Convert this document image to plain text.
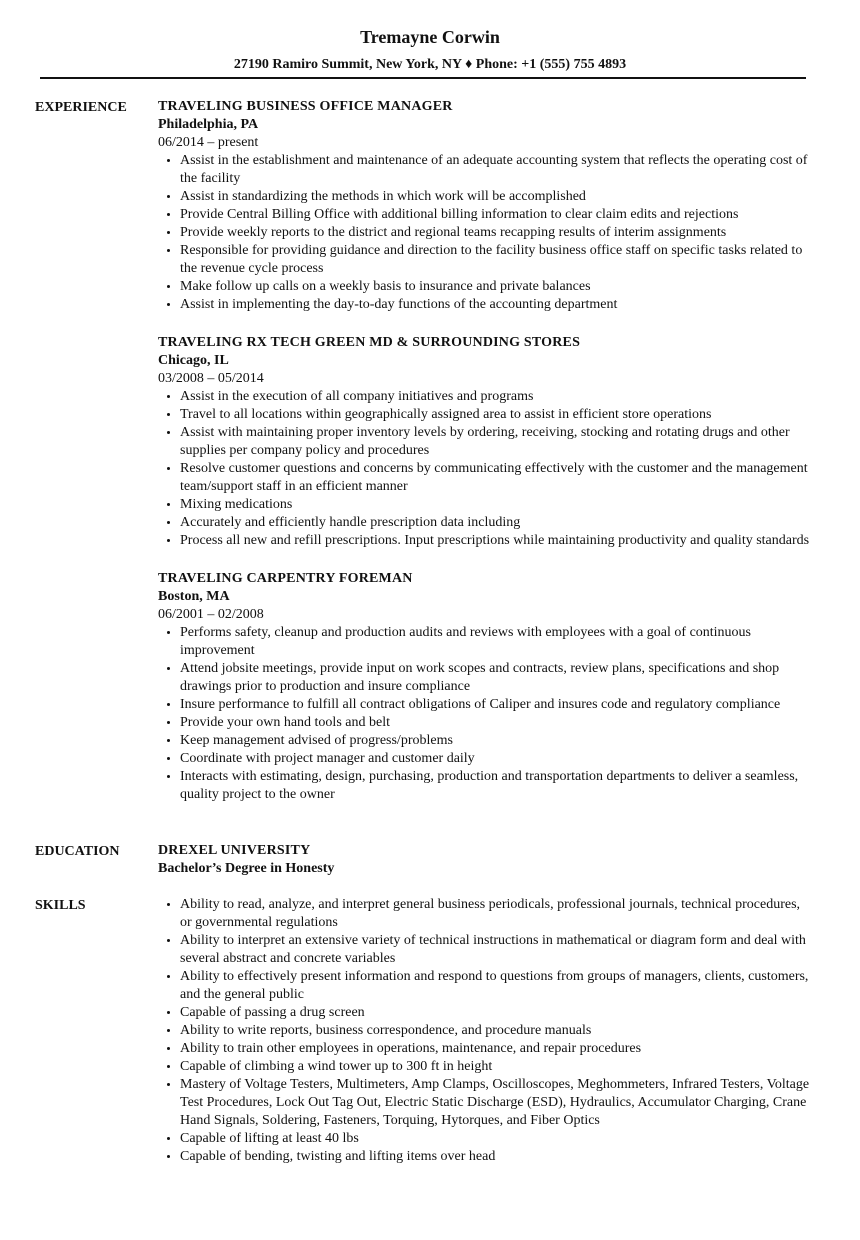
Tremayne Corwin
27190 Ramiro Summit, New York, NY ♦ Phone: +1 (555) 755 4893
EXPERIENCE	TRAVELING BUSINESS OFFICE MANAGER
Philadelphia, PA
06/2014 – present
• Assist in the establishment and maintenance of an adequate accounting system that reflects the operating cost of the facility
• Assist in standardizing the methods in which work will be accomplished
• Provide Central Billing Office with additional billing information to clear claim edits and rejections
• Provide weekly reports to the district and regional teams recapping results of interim assignments
• Responsible for providing guidance and direction to the facility business office staff on specific tasks related to the revenue cycle process
• Make follow up calls on a weekly basis to insurance and private balances
• Assist in implementing the day-to-day functions of the accounting department
TRAVELING RX TECH GREEN MD & SURROUNDING STORES
Chicago, IL
03/2008 – 05/2014
• Assist in the execution of all company initiatives and programs
• Travel to all locations within geographically assigned area to assist in efficient store operations
• Assist with maintaining proper inventory levels by ordering, receiving, stocking and rotating drugs and other supplies per company policy and procedures
• Resolve customer questions and concerns by communicating effectively with the customer and the management team/support staff in an efficient manner
• Mixing medications
• Accurately and efficiently handle prescription data including
• Process all new and refill prescriptions. Input prescriptions while maintaining productivity and quality standards
TRAVELING CARPENTRY FOREMAN
Boston, MA
06/2001 – 02/2008
• Performs safety, cleanup and production audits and reviews with employees with a goal of continuous improvement
• Attend jobsite meetings, provide input on work scopes and contracts, review plans, specifications and shop drawings prior to production and insure compliance
• Insure performance to fulfill all contract obligations of Caliper and insures code and regulatory compliance
• Provide your own hand tools and belt
• Keep management advised of progress/problems
• Coordinate with project manager and customer daily
• Interacts with estimating, design, purchasing, production and transportation departments to deliver a seamless, quality project to the owner
EDUCATION	DREXEL UNIVERSITY
Bachelor’s Degree in Honesty
SKILLS
•	Ability to read, analyze, and interpret general business periodicals, professional journals, technical procedures, or governmental regulations
• Ability to interpret an extensive variety of technical instructions in mathematical or diagram form and deal with several abstract and concrete variables
• Ability to effectively present information and respond to questions from groups of managers, clients, customers, and the general public
• Capable of passing a drug screen
• Ability to write reports, business correspondence, and procedure manuals
• Ability to train other employees in operations, maintenance, and repair procedures
• Capable of climbing a wind tower up to 300 ft in height
• Mastery of Voltage Testers, Multimeters, Amp Clamps, Oscilloscopes, Meghommeters, Infrared Testers, Voltage Test Procedures, Lock Out Tag Out, Electric Static Discharge (ESD), Hydraulics, Accumulator Charging, Crane Hand Signals, Soldering, Fasteners, Torquing, Hytorques, and Fiber Optics
• Capable of lifting at least 40 lbs
• Capable of bending, twisting and lifting items over head
